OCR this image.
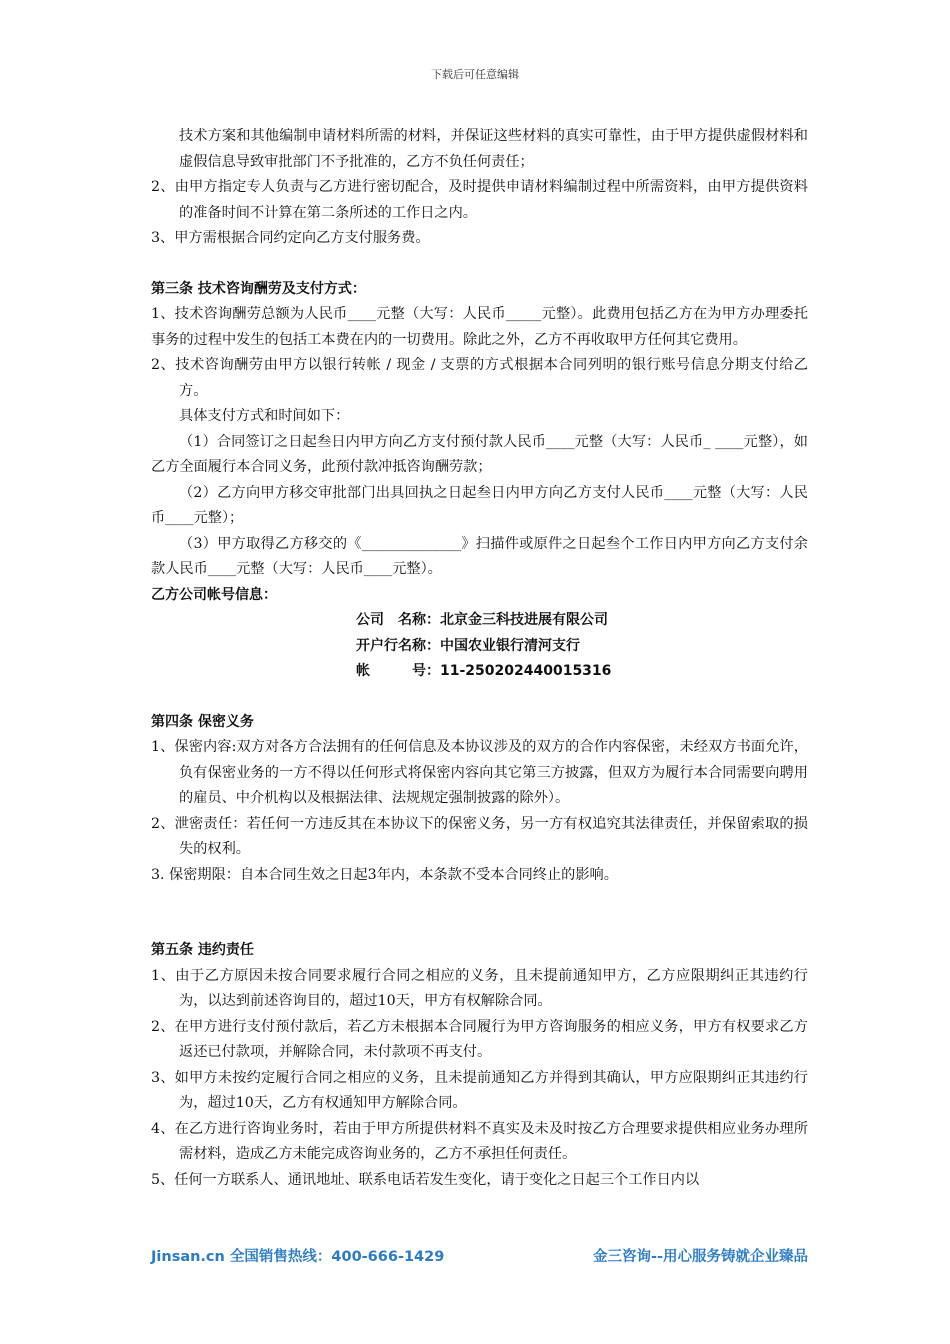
下载后可任意编辑

技术方案和其他编制申请材料所需的材料，并保证这些材料的真实可靠性，由于甲方提供虚假材料和虚假信息导致审批部门不予批准的，乙方不负任何责任；

2、由甲方指定专人负责与乙方进行密切配合，及时提供申请材料编制过程中所需资料，由甲方提供资料的准备时间不计算在第二条所述的工作日之内。

3、甲方需根据合同约定向乙方支付服务费。

第三条 技术咨询酬劳及支付方式：

1、技术咨询酬劳总额为人民币____元整（大写：人民币_____元整）。此费用包括乙方在为甲方办理委托事务的过程中发生的包括工本费在内的一切费用。除此之外，乙方不再收取甲方任何其它费用。

2、技术咨询酬劳由甲方以银行转帐 / 现金 / 支票的方式根据本合同列明的银行账号信息分期支付给乙方。

具体支付方式和时间如下：

（1）合同签订之日起叁日内甲方向乙方支付预付款人民币____元整（大写：人民币_ ____元整），如乙方全面履行本合同义务，此预付款冲抵咨询酬劳款；

（2）乙方向甲方移交审批部门出具回执之日起叁日内甲方向乙方支付人民币____元整（大写：人民币____元整）；

（3）甲方取得乙方移交的《______________》扫描件或原件之日起叁个工作日内甲方向乙方支付余款人民币____元整（大写：人民币____元整）。

乙方公司帐号信息：

公司　名称：北京金三科技进展有限公司

开户行名称：中国农业银行清河支行

帐　　　号：11-250202440015316

第四条 保密义务

1、保密内容:双方对各方合法拥有的任何信息及本协议涉及的双方的合作内容保密，未经双方书面允许，负有保密业务的一方不得以任何形式将保密内容向其它第三方披露，但双方为履行本合同需要向聘用的雇员、中介机构以及根据法律、法规规定强制披露的除外）。

2、泄密责任：若任何一方违反其在本协议下的保密义务，另一方有权追究其法律责任，并保留索取的损失的权利。

3. 保密期限：自本合同生效之日起3年内，本条款不受本合同终止的影响。

第五条 违约责任

1、由于乙方原因未按合同要求履行合同之相应的义务，且未提前通知甲方，乙方应限期纠正其违约行为，以达到前述咨询目的，超过10天，甲方有权解除合同。

2、在甲方进行支付预付款后，若乙方未根据本合同履行为甲方咨询服务的相应义务，甲方有权要求乙方返还已付款项，并解除合同，未付款项不再支付。

3、如甲方未按约定履行合同之相应的义务，且未提前通知乙方并得到其确认，甲方应限期纠正其违约行为，超过10天，乙方有权通知甲方解除合同。

4、在乙方进行咨询业务时，若由于甲方所提供材料不真实及未及时按乙方合理要求提供相应业务办理所需材料，造成乙方未能完成咨询业务的，乙方不承担任何责任。

5、任何一方联系人、通讯地址、联系电话若发生变化，请于变化之日起三个工作日内以

Jinsan.cn 全国销售热线：400-666-1429	金三咨询--用心服务铸就企业臻品
